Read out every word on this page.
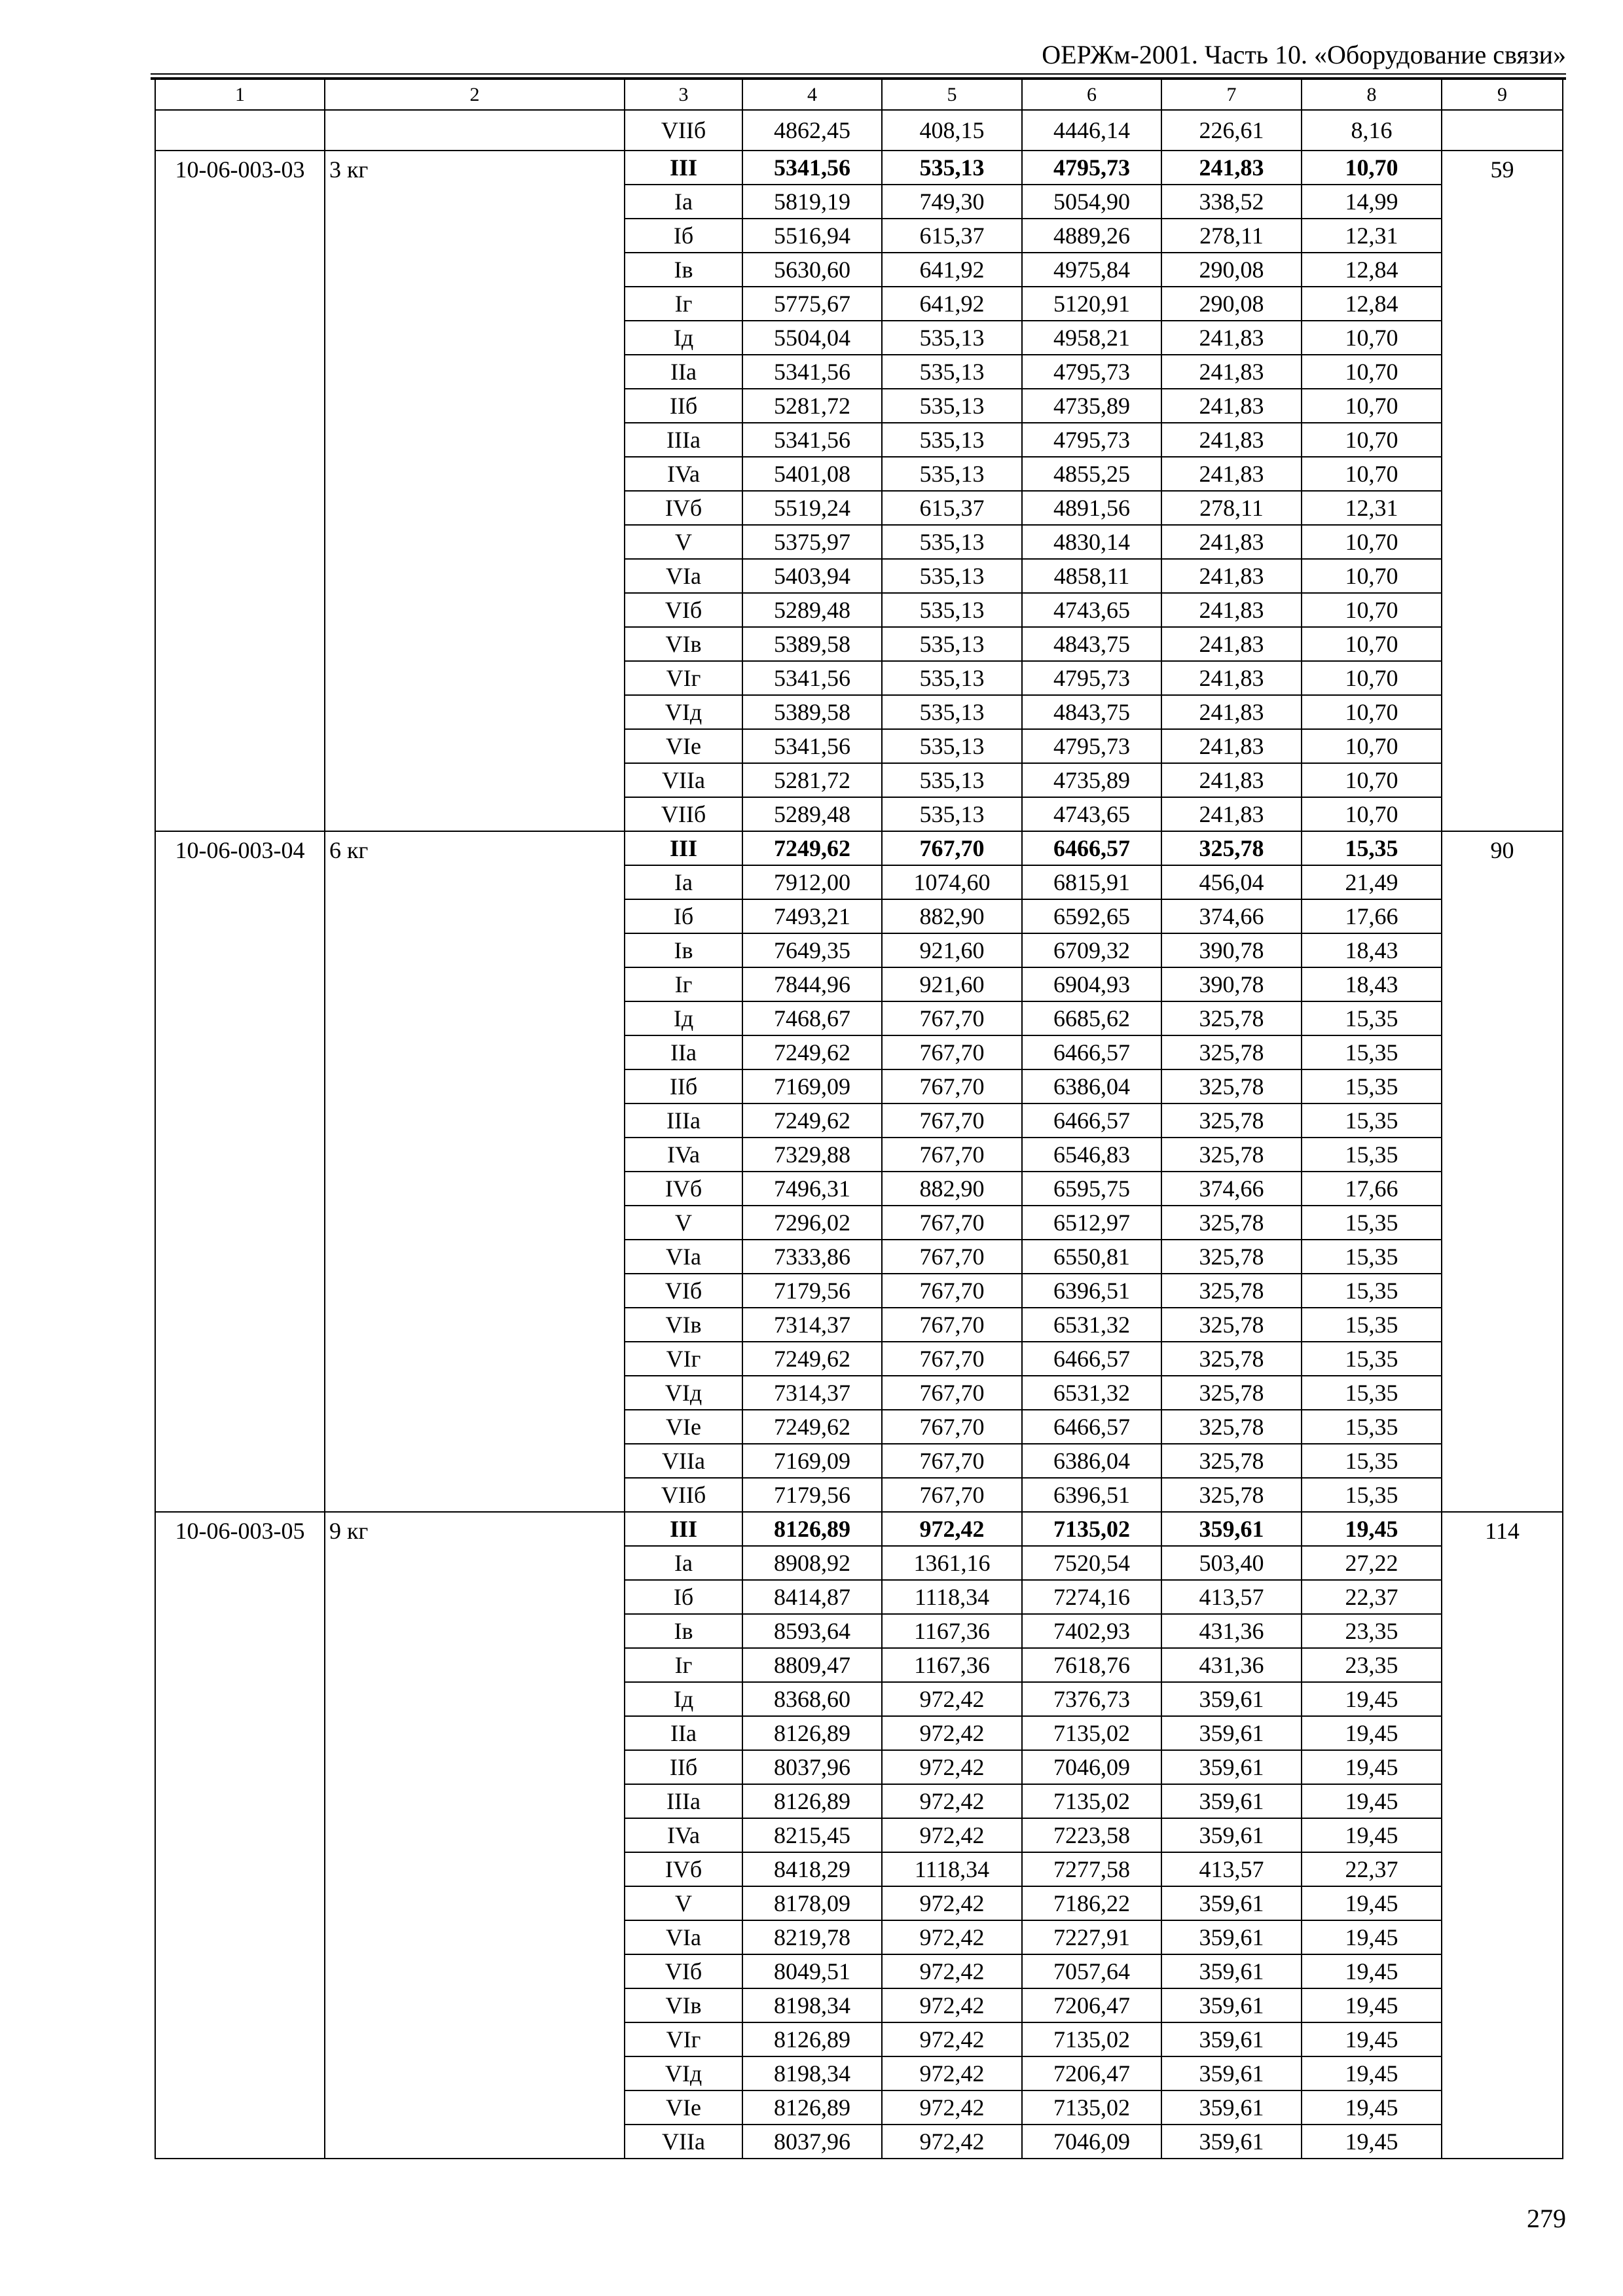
ОЕРЖм-2001. Часть 10. «Оборудование связи»
1	2	3	4	5	6	7	8	9
		VIIб	4862,45	408,15	4446,14	226,61	8,16	
10-06-003-03	3 кг	III	5341,56	535,13	4795,73	241,83	10,70	59
		Ia	5819,19	749,30	5054,90	338,52	14,99	
		Iб	5516,94	615,37	4889,26	278,11	12,31	
		Iв	5630,60	641,92	4975,84	290,08	12,84	
		Iг	5775,67	641,92	5120,91	290,08	12,84	
		Iд	5504,04	535,13	4958,21	241,83	10,70	
		IIa	5341,56	535,13	4795,73	241,83	10,70	
		IIб	5281,72	535,13	4735,89	241,83	10,70	
		IIIa	5341,56	535,13	4795,73	241,83	10,70	
		IVa	5401,08	535,13	4855,25	241,83	10,70	
		IVб	5519,24	615,37	4891,56	278,11	12,31	
		V	5375,97	535,13	4830,14	241,83	10,70	
		VIa	5403,94	535,13	4858,11	241,83	10,70	
		VIб	5289,48	535,13	4743,65	241,83	10,70	
		VIв	5389,58	535,13	4843,75	241,83	10,70	
		VIг	5341,56	535,13	4795,73	241,83	10,70	
		VIд	5389,58	535,13	4843,75	241,83	10,70	
		VIe	5341,56	535,13	4795,73	241,83	10,70	
		VIIa	5281,72	535,13	4735,89	241,83	10,70	
		VIIб	5289,48	535,13	4743,65	241,83	10,70	
10-06-003-04	6 кг	III	7249,62	767,70	6466,57	325,78	15,35	90
		Ia	7912,00	1074,60	6815,91	456,04	21,49	
		Iб	7493,21	882,90	6592,65	374,66	17,66	
		Iв	7649,35	921,60	6709,32	390,78	18,43	
		Iг	7844,96	921,60	6904,93	390,78	18,43	
		Iд	7468,67	767,70	6685,62	325,78	15,35	
		IIa	7249,62	767,70	6466,57	325,78	15,35	
		IIб	7169,09	767,70	6386,04	325,78	15,35	
		IIIa	7249,62	767,70	6466,57	325,78	15,35	
		IVa	7329,88	767,70	6546,83	325,78	15,35	
		IVб	7496,31	882,90	6595,75	374,66	17,66	
		V	7296,02	767,70	6512,97	325,78	15,35	
		VIa	7333,86	767,70	6550,81	325,78	15,35	
		VIб	7179,56	767,70	6396,51	325,78	15,35	
		VIв	7314,37	767,70	6531,32	325,78	15,35	
		VIг	7249,62	767,70	6466,57	325,78	15,35	
		VIд	7314,37	767,70	6531,32	325,78	15,35	
		VIe	7249,62	767,70	6466,57	325,78	15,35	
		VIIa	7169,09	767,70	6386,04	325,78	15,35	
		VIIб	7179,56	767,70	6396,51	325,78	15,35	
10-06-003-05	9 кг	III	8126,89	972,42	7135,02	359,61	19,45	114
		Ia	8908,92	1361,16	7520,54	503,40	27,22	
		Iб	8414,87	1118,34	7274,16	413,57	22,37	
		Iв	8593,64	1167,36	7402,93	431,36	23,35	
		Iг	8809,47	1167,36	7618,76	431,36	23,35	
		Iд	8368,60	972,42	7376,73	359,61	19,45	
		IIa	8126,89	972,42	7135,02	359,61	19,45	
		IIб	8037,96	972,42	7046,09	359,61	19,45	
		IIIa	8126,89	972,42	7135,02	359,61	19,45	
		IVa	8215,45	972,42	7223,58	359,61	19,45	
		IVб	8418,29	1118,34	7277,58	413,57	22,37	
		V	8178,09	972,42	7186,22	359,61	19,45	
		VIa	8219,78	972,42	7227,91	359,61	19,45	
		VIб	8049,51	972,42	7057,64	359,61	19,45	
		VIв	8198,34	972,42	7206,47	359,61	19,45	
		VIг	8126,89	972,42	7135,02	359,61	19,45	
		VIд	8198,34	972,42	7206,47	359,61	19,45	
		VIe	8126,89	972,42	7135,02	359,61	19,45	
		VIIa	8037,96	972,42	7046,09	359,61	19,45	
279
